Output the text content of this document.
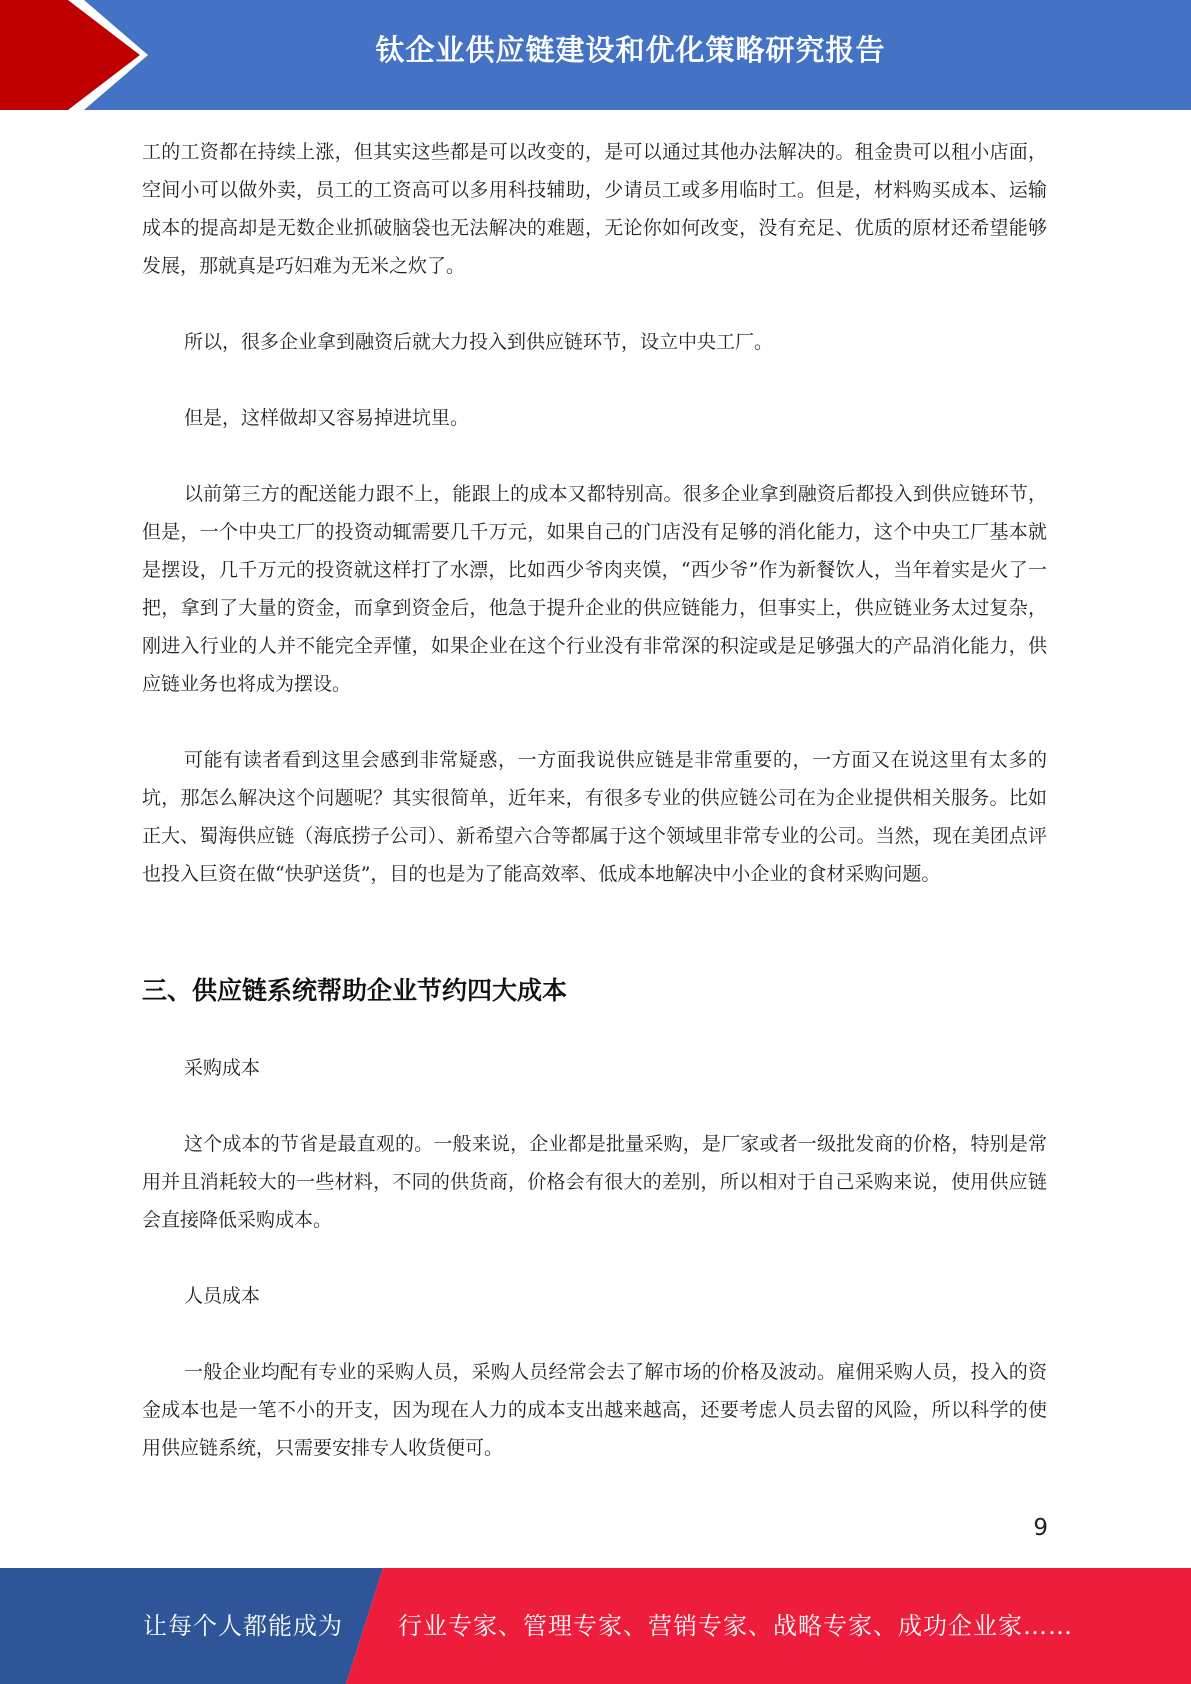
钛企业供应链建设和优化策略研究报告

工的工资都在持续上涨，但其实这些都是可以改变的，是可以通过其他办法解决的。租金贵可以租小店面，空间小可以做外卖，员工的工资高可以多用科技辅助，少请员工或多用临时工。但是，材料购买成本、运输成本的提高却是无数企业抓破脑袋也无法解决的难题，无论你如何改变，没有充足、优质的原材还希望能够发展，那就真是巧妇难为无米之炊了。

所以，很多企业拿到融资后就大力投入到供应链环节，设立中央工厂。

但是，这样做却又容易掉进坑里。

以前第三方的配送能力跟不上，能跟上的成本又都特别高。很多企业拿到融资后都投入到供应链环节，但是，一个中央工厂的投资动辄需要几千万元，如果自己的门店没有足够的消化能力，这个中央工厂基本就是摆设，几千万元的投资就这样打了水漂，比如西少爷肉夹馍，“西少爷”作为新餐饮人，当年着实是火了一把，拿到了大量的资金，而拿到资金后，他急于提升企业的供应链能力，但事实上，供应链业务太过复杂，刚进入行业的人并不能完全弄懂，如果企业在这个行业没有非常深的积淀或是足够强大的产品消化能力，供应链业务也将成为摆设。

可能有读者看到这里会感到非常疑惑，一方面我说供应链是非常重要的，一方面又在说这里有太多的坑，那怎么解决这个问题呢？其实很简单，近年来，有很多专业的供应链公司在为企业提供相关服务。比如正大、蜀海供应链（海底捞子公司）、新希望六合等都属于这个领域里非常专业的公司。当然，现在美团点评也投入巨资在做“快驴送货”，目的也是为了能高效率、低成本地解决中小企业的食材采购问题。

三、供应链系统帮助企业节约四大成本

采购成本

这个成本的节省是最直观的。一般来说，企业都是批量采购，是厂家或者一级批发商的价格，特别是常用并且消耗较大的一些材料，不同的供货商，价格会有很大的差别，所以相对于自己采购来说，使用供应链会直接降低采购成本。

人员成本

一般企业均配有专业的采购人员，采购人员经常会去了解市场的价格及波动。雇佣采购人员，投入的资金成本也是一笔不小的开支，因为现在人力的成本支出越来越高，还要考虑人员去留的风险，所以科学的使用供应链系统，只需要安排专人收货便可。

9
让每个人都能成为 行业专家、管理专家、营销专家、战略专家、成功企业家……
